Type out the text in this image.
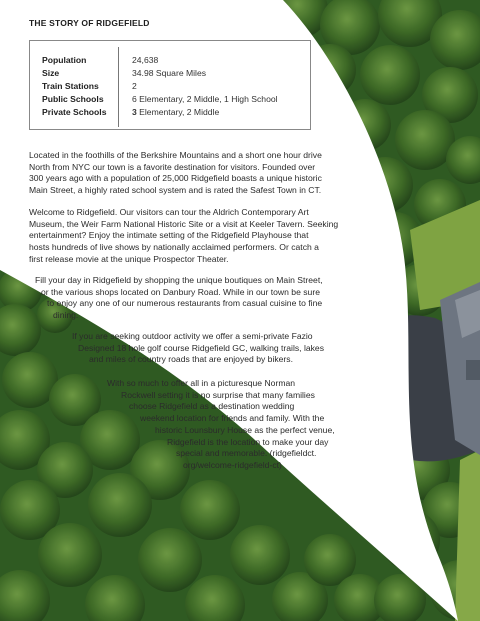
THE STORY OF RIDGEFIELD
Population	24,638
Size	34.98 Square Miles
Train Stations	2
Public Schools	6 Elementary, 2 Middle, 1 High School
Private Schools	3 Elementary, 2 Middle
Located in the foothills of the Berkshire Mountains and a short one hour drive
North from NYC our town is a favorite destination for visitors. Founded over
300 years ago with a population of 25,000 Ridgefield boasts a unique historic
Main Street, a highly rated school system and is rated the Safest Town in CT.
Welcome to Ridgefield. Our visitors can tour the Aldrich Contemporary Art
Museum, the Weir Farm National Historic Site or a visit at Keeler Tavern. Seeking
entertainment? Enjoy the intimate setting of the Ridgefield Playhouse that
hosts hundreds of live shows by nationally acclaimed performers. Or catch a
first release movie at the unique Prospector Theater.
Fill your day in Ridgefield by shopping the unique boutiques on Main Street,
or the various shops located on Danbury Road. While in our town be sure
to enjoy any one of our numerous restaurants from casual cuisine to fine
dining.
If you are seeking outdoor activity we offer a semi-private Fazio
Designed 18 hole golf course Ridgefield GC, walking trails, lakes
and miles of country roads that are enjoyed by bikers.
With so much to offer all in a picturesque Norman
Rockwell setting it is no surprise that many families
choose Ridgefield as a destination wedding
weekend location for friends and family. With the
historic Lounsbury House as the perfect venue,
Ridgefield is the location to make your day
special and memorable. (ridgefieldct.
org/welcome-ridgefield-ct)
